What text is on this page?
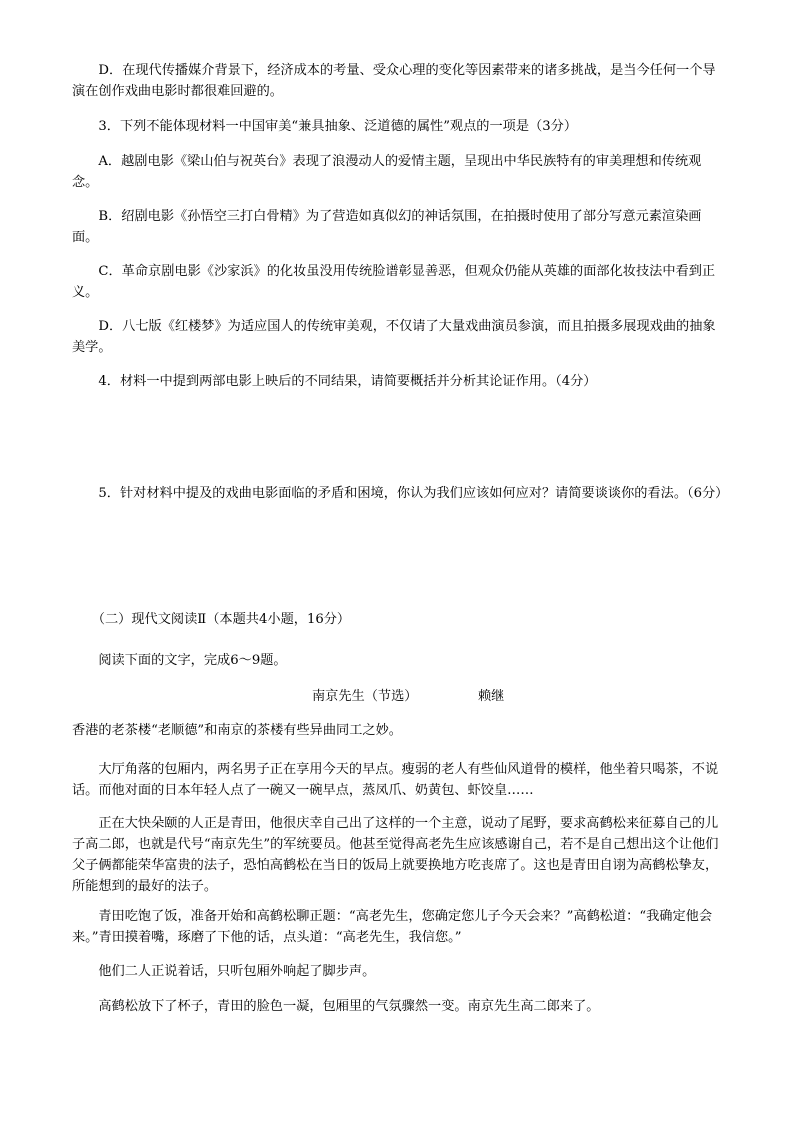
　　D．在现代传播媒介背景下，经济成本的考量、受众心理的变化等因素带来的诸多挑战，是当今任何一个导演在创作戏曲电影时都很难回避的。

　　3．下列不能体现材料一中国审美“兼具抽象、泛道德的属性”观点的一项是（3分）

　　A．越剧电影《梁山伯与祝英台》表现了浪漫动人的爱情主题，呈现出中华民族特有的审美理想和传统观念。

　　B．绍剧电影《孙悟空三打白骨精》为了营造如真似幻的神话氛围，在拍摄时使用了部分写意元素渲染画面。

　　C．革命京剧电影《沙家浜》的化妆虽没用传统脸谱彰显善恶，但观众仍能从英雄的面部化妆技法中看到正义。

　　D．八七版《红楼梦》为适应国人的传统审美观，不仅请了大量戏曲演员参演，而且拍摄多展现戏曲的抽象美学。

　　4．材料一中提到两部电影上映后的不同结果，请简要概括并分析其论证作用。（4分）

　　5．针对材料中提及的戏曲电影面临的矛盾和困境，你认为我们应该如何应对？请简要谈谈你的看法。（6分）

　　（二）现代文阅读Ⅱ（本题共4小题，16分）

　　阅读下面的文字，完成6～9题。

南京先生（节选）	赖继

香港的老茶楼“老顺德”和南京的茶楼有些异曲同工之妙。

　　大厅角落的包厢内，两名男子正在享用今天的早点。瘦弱的老人有些仙风道骨的模样，他坐着只喝茶，不说话。而他对面的日本年轻人点了一碗又一碗早点，蒸凤爪、奶黄包、虾饺皇……

　　正在大快朵颐的人正是青田，他很庆幸自己出了这样的一个主意，说动了尾野，要求高鹤松来征募自己的儿子高二郎，也就是代号“南京先生”的军统要员。他甚至觉得高老先生应该感谢自己，若不是自己想出这个让他们父子俩都能荣华富贵的法子，恐怕高鹤松在当日的饭局上就要换地方吃丧席了。这也是青田自诩为高鹤松挚友，所能想到的最好的法子。

　　青田吃饱了饭，准备开始和高鹤松聊正题：“高老先生，您确定您儿子今天会来？”高鹤松道：“我确定他会来。”青田摸着嘴，琢磨了下他的话，点头道：“高老先生，我信您。”

　　他们二人正说着话，只听包厢外响起了脚步声。

　　高鹤松放下了杯子，青田的脸色一凝，包厢里的气氛骤然一变。南京先生高二郎来了。
